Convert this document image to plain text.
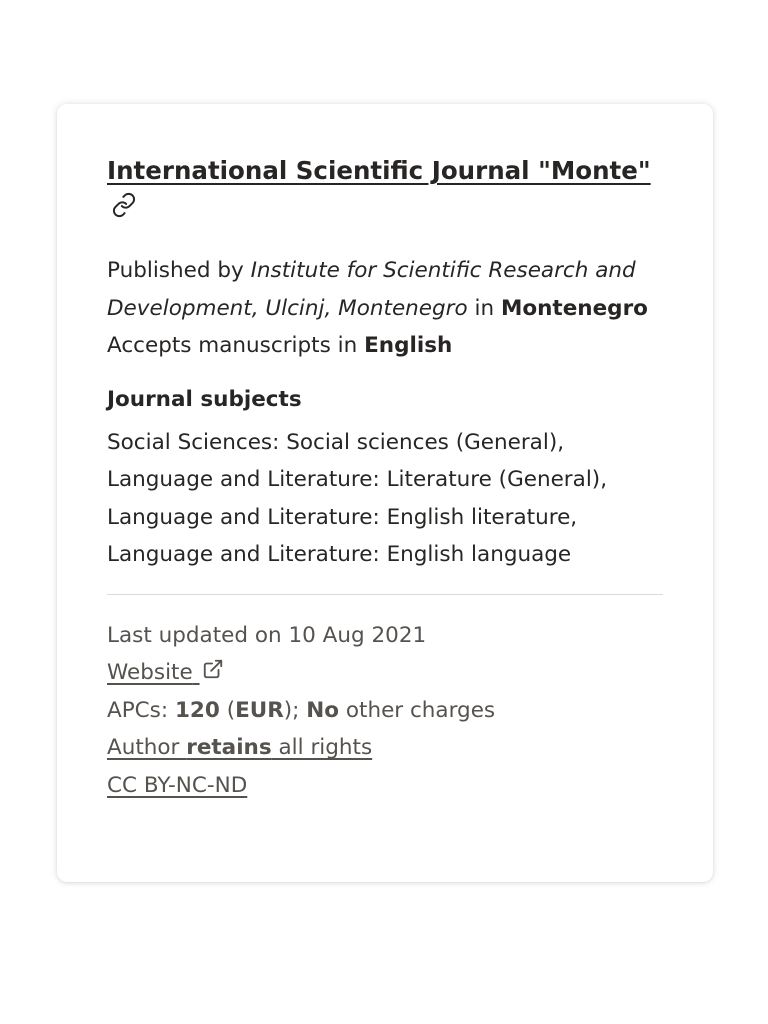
International Scientific Journal "Monte"
Published by Institute for Scientific Research and Development, Ulcinj, Montenegro in Montenegro
Accepts manuscripts in English
Journal subjects
Social Sciences: Social sciences (General),
Language and Literature: Literature (General),
Language and Literature: English literature,
Language and Literature: English language
Last updated on 10 Aug 2021
Website
APCs: 120 (EUR); No other charges
Author retains all rights
CC BY-NC-ND
